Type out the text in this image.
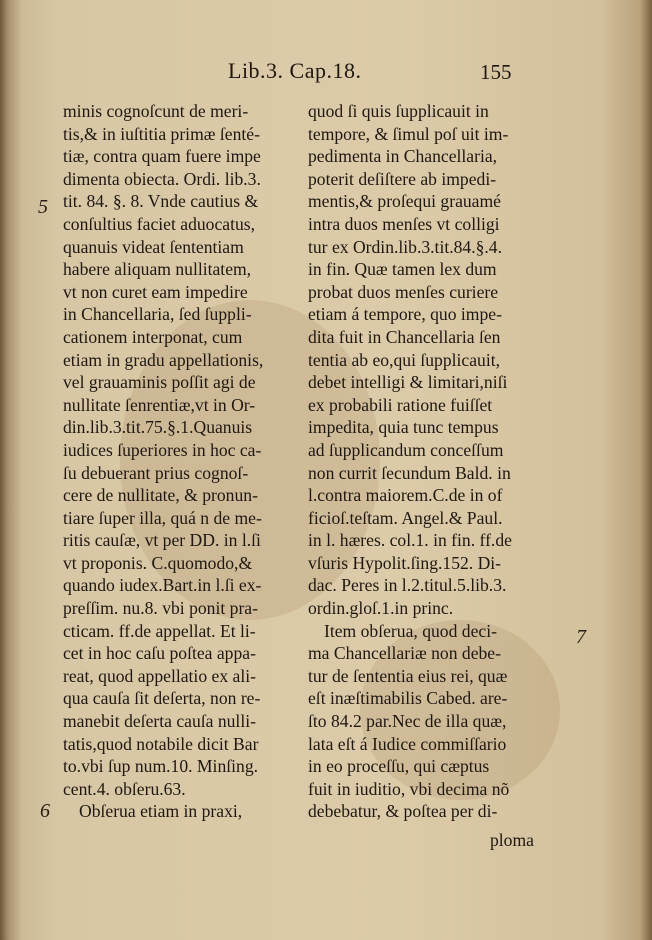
Lib.3. Cap.18.	155
5
6
7
minis cognoſcunt de meri-
tis,& in iuſtitia primæ ſenté-
tiæ, contra quam fuere impe
dimenta obiecta. Ordi. lib.3.
tit. 84. §. 8. Vnde cautius &
conſultius faciet aduocatus,
quanuis videat ſententiam
habere aliquam nullitatem,
vt non curet eam impedire
in Chancellaria, ſed ſuppli-
cationem interponat, cum
etiam in gradu appellationis,
vel grauaminis poſſit agi de
nullitate ſenrentiæ,vt in Or-
din.lib.3.tit.75.§.1.Quanuis
iudices ſuperiores in hoc ca-
ſu debuerant prius cognoſ-
cere de nullitate, & pronun-
tiare ſuper illa, quá n de me-
ritis cauſæ, vt per DD. in l.ſi
vt proponis. C.quomodo,&
quando iudex.Bart.in l.ſi ex-
preſſim. nu.8. vbi ponit pra-
cticam. ff.de appellat. Et li-
cet in hoc caſu poſtea appa-
reat, quod appellatio ex ali-
qua cauſa ſit deſerta, non re-
manebit deſerta cauſa nulli-
tatis,quod notabile dicit Bar
to.vbi ſup num.10. Minſing.
cent.4. obſeru.63.
Obſerua etiam in praxi,
quod ſi quis ſupplicauit in
tempore, & ſimul poſ uit im-
pedimenta in Chancellaria,
poterit deſiſtere ab impedi-
mentis,& proſequi grauamé
intra duos menſes vt colligi
tur ex Ordin.lib.3.tit.84.§.4.
in fin. Quæ tamen lex dum
probat duos menſes curiere
etiam á tempore, quo impe-
dita fuit in Chancellaria ſen
tentia ab eo,qui ſupplicauit,
debet intelligi & limitari,niſi
ex probabili ratione fuiſſet
impedita, quia tunc tempus
ad ſupplicandum conceſſum
non currit ſecundum Bald. in
l.contra maiorem.C.de in of
ficioſ.teſtam. Angel.& Paul.
in l. hæres. col.1. in fin. ff.de
vſuris Hypolit.ſing.152. Di-
dac. Peres in l.2.titul.5.lib.3.
ordin.gloſ.1.in princ.
Item obſerua, quod deci-
ma Chancellariæ non debe-
tur de ſententia eius rei, quæ
eſt inæſtimabilis Cabed. are-
ſto 84.2 par.Nec de illa quæ,
lata eſt á Iudice commiſſario
in eo proceſſu, qui cæptus
fuit in iuditio, vbi decima nõ
debebatur, & poſtea per di-
ploma
